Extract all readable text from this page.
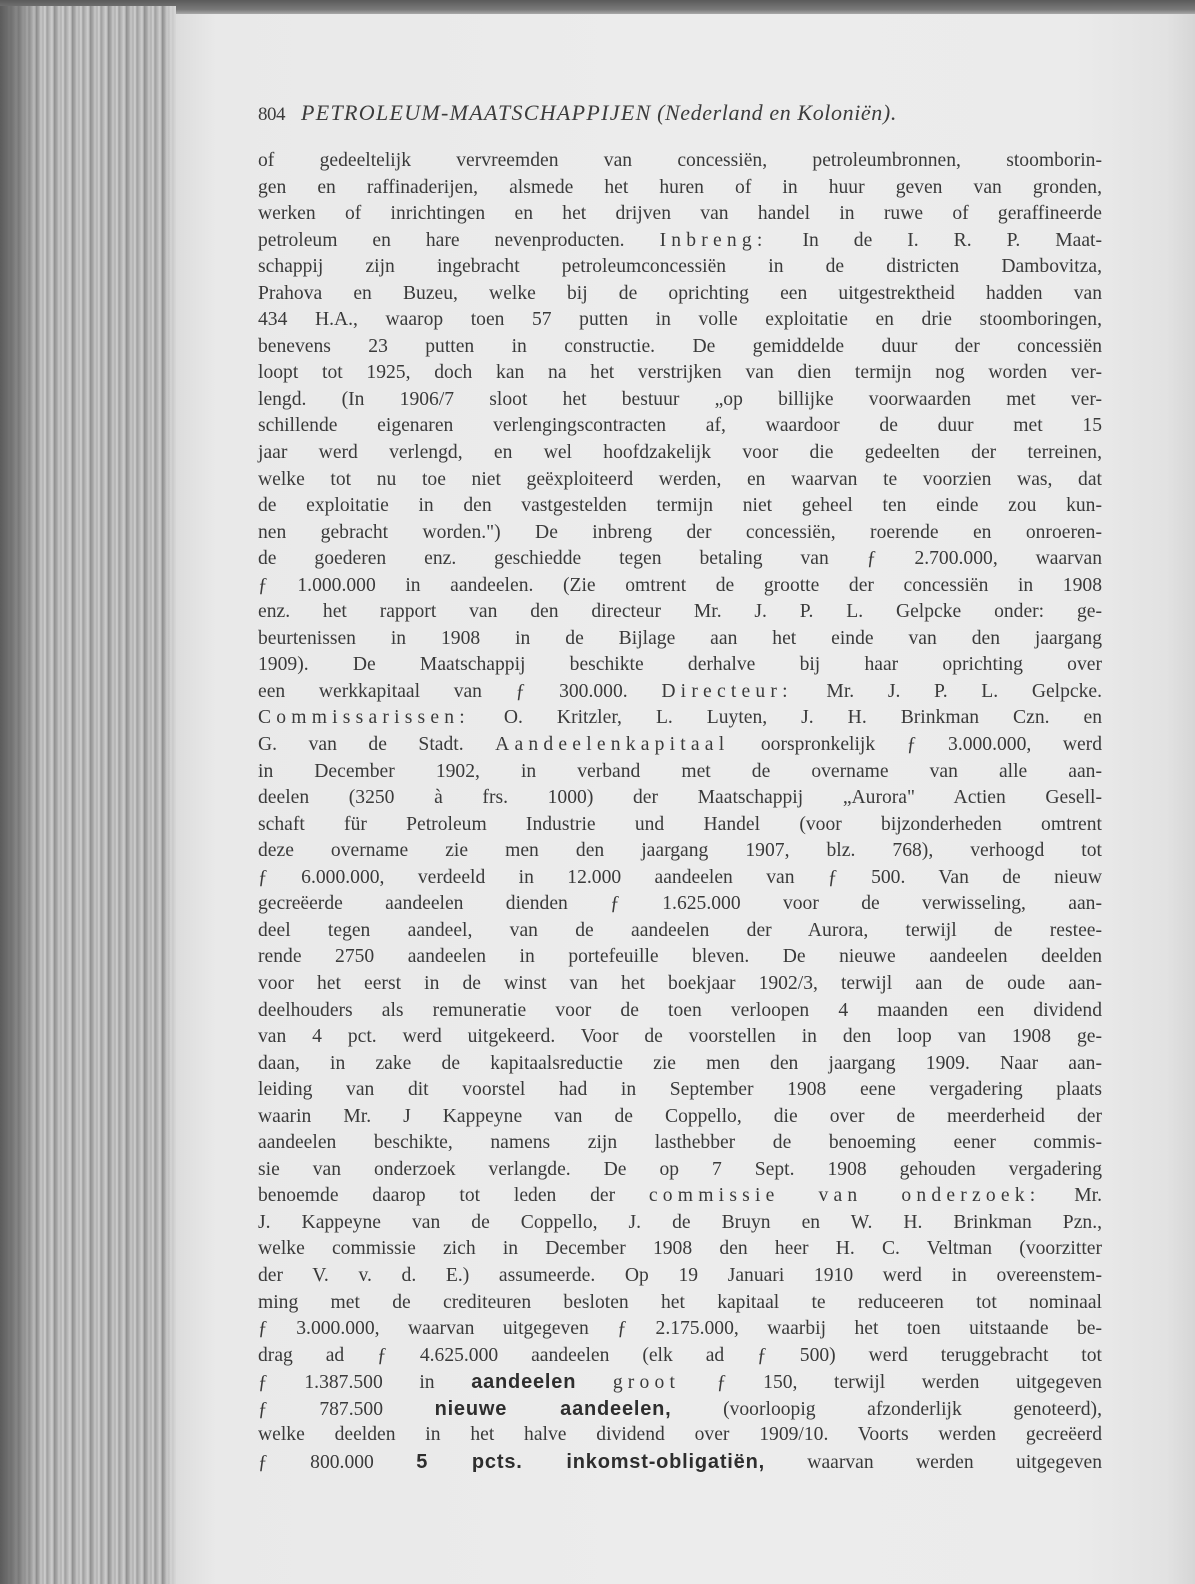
804 PETROLEUM-MAATSCHAPPIJEN (Nederland en Koloniën).
of gedeeltelijk vervreemden van concessiën, petroleumbronnen, stoomborin-
gen en raffinaderijen, alsmede het huren of in huur geven van gronden,
werken of inrichtingen en het drijven van handel in ruwe of geraffineerde
petroleum en hare nevenproducten. Inbreng: In de I. R. P. Maat-
schappij zijn ingebracht petroleumconcessiën in de districten Dambovitza,
Prahova en Buzeu, welke bij de oprichting een uitgestrektheid hadden van
434 H.A., waarop toen 57 putten in volle exploitatie en drie stoomboringen,
benevens 23 putten in constructie. De gemiddelde duur der concessiën
loopt tot 1925, doch kan na het verstrijken van dien termijn nog worden ver-
lengd. (In 1906/7 sloot het bestuur „op billijke voorwaarden met ver-
schillende eigenaren verlengingscontracten af, waardoor de duur met 15
jaar werd verlengd, en wel hoofdzakelijk voor die gedeelten der terreinen,
welke tot nu toe niet geëxploiteerd werden, en waarvan te voorzien was, dat
de exploitatie in den vastgestelden termijn niet geheel ten einde zou kun-
nen gebracht worden.") De inbreng der concessiën, roerende en onroeren-
de goederen enz. geschiedde tegen betaling van ƒ 2.700.000, waarvan
ƒ 1.000.000 in aandeelen. (Zie omtrent de grootte der concessiën in 1908
enz. het rapport van den directeur Mr. J. P. L. Gelpcke onder: ge-
beurtenissen in 1908 in de Bijlage aan het einde van den jaargang
1909). De Maatschappij beschikte derhalve bij haar oprichting over
een werkkapitaal van ƒ 300.000. Directeur: Mr. J. P. L. Gelpcke.
Commissarissen: O. Kritzler, L. Luyten, J. H. Brinkman Czn. en
G. van de Stadt. Aandeelenkapitaal oorspronkelijk ƒ 3.000.000, werd
in December 1902, in verband met de overname van alle aan-
deelen (3250 à frs. 1000) der Maatschappij „Aurora" Actien Gesell-
schaft für Petroleum Industrie und Handel (voor bijzonderheden omtrent
deze overname zie men den jaargang 1907, blz. 768), verhoogd tot
ƒ 6.000.000, verdeeld in 12.000 aandeelen van ƒ 500. Van de nieuw
gecreëerde aandeelen dienden ƒ 1.625.000 voor de verwisseling, aan-
deel tegen aandeel, van de aandeelen der Aurora, terwijl de restee-
rende 2750 aandeelen in portefeuille bleven. De nieuwe aandeelen deelden
voor het eerst in de winst van het boekjaar 1902/3, terwijl aan de oude aan-
deelhouders als remuneratie voor de toen verloopen 4 maanden een dividend
van 4 pct. werd uitgekeerd. Voor de voorstellen in den loop van 1908 ge-
daan, in zake de kapitaalsreductie zie men den jaargang 1909. Naar aan-
leiding van dit voorstel had in September 1908 eene vergadering plaats
waarin Mr. J Kappeyne van de Coppello, die over de meerderheid der
aandeelen beschikte, namens zijn lasthebber de benoeming eener commis-
sie van onderzoek verlangde. De op 7 Sept. 1908 gehouden vergadering
benoemde daarop tot leden der commissie van onderzoek: Mr.
J. Kappeyne van de Coppello, J. de Bruyn en W. H. Brinkman Pzn.,
welke commissie zich in December 1908 den heer H. C. Veltman (voorzitter
der V. v. d. E.) assumeerde. Op 19 Januari 1910 werd in overeenstem-
ming met de crediteuren besloten het kapitaal te reduceeren tot nominaal
ƒ 3.000.000, waarvan uitgegeven ƒ 2.175.000, waarbij het toen uitstaande be-
drag ad ƒ 4.625.000 aandeelen (elk ad ƒ 500) werd teruggebracht tot
ƒ 1.387.500 in aandeelen groot ƒ 150, terwijl werden uitgegeven
ƒ 787.500 nieuwe aandeelen, (voorloopig afzonderlijk genoteerd),
welke deelden in het halve dividend over 1909/10. Voorts werden gecreëerd
ƒ 800.000 5 pcts. inkomst-obligatiën, waarvan werden uitgegeven
